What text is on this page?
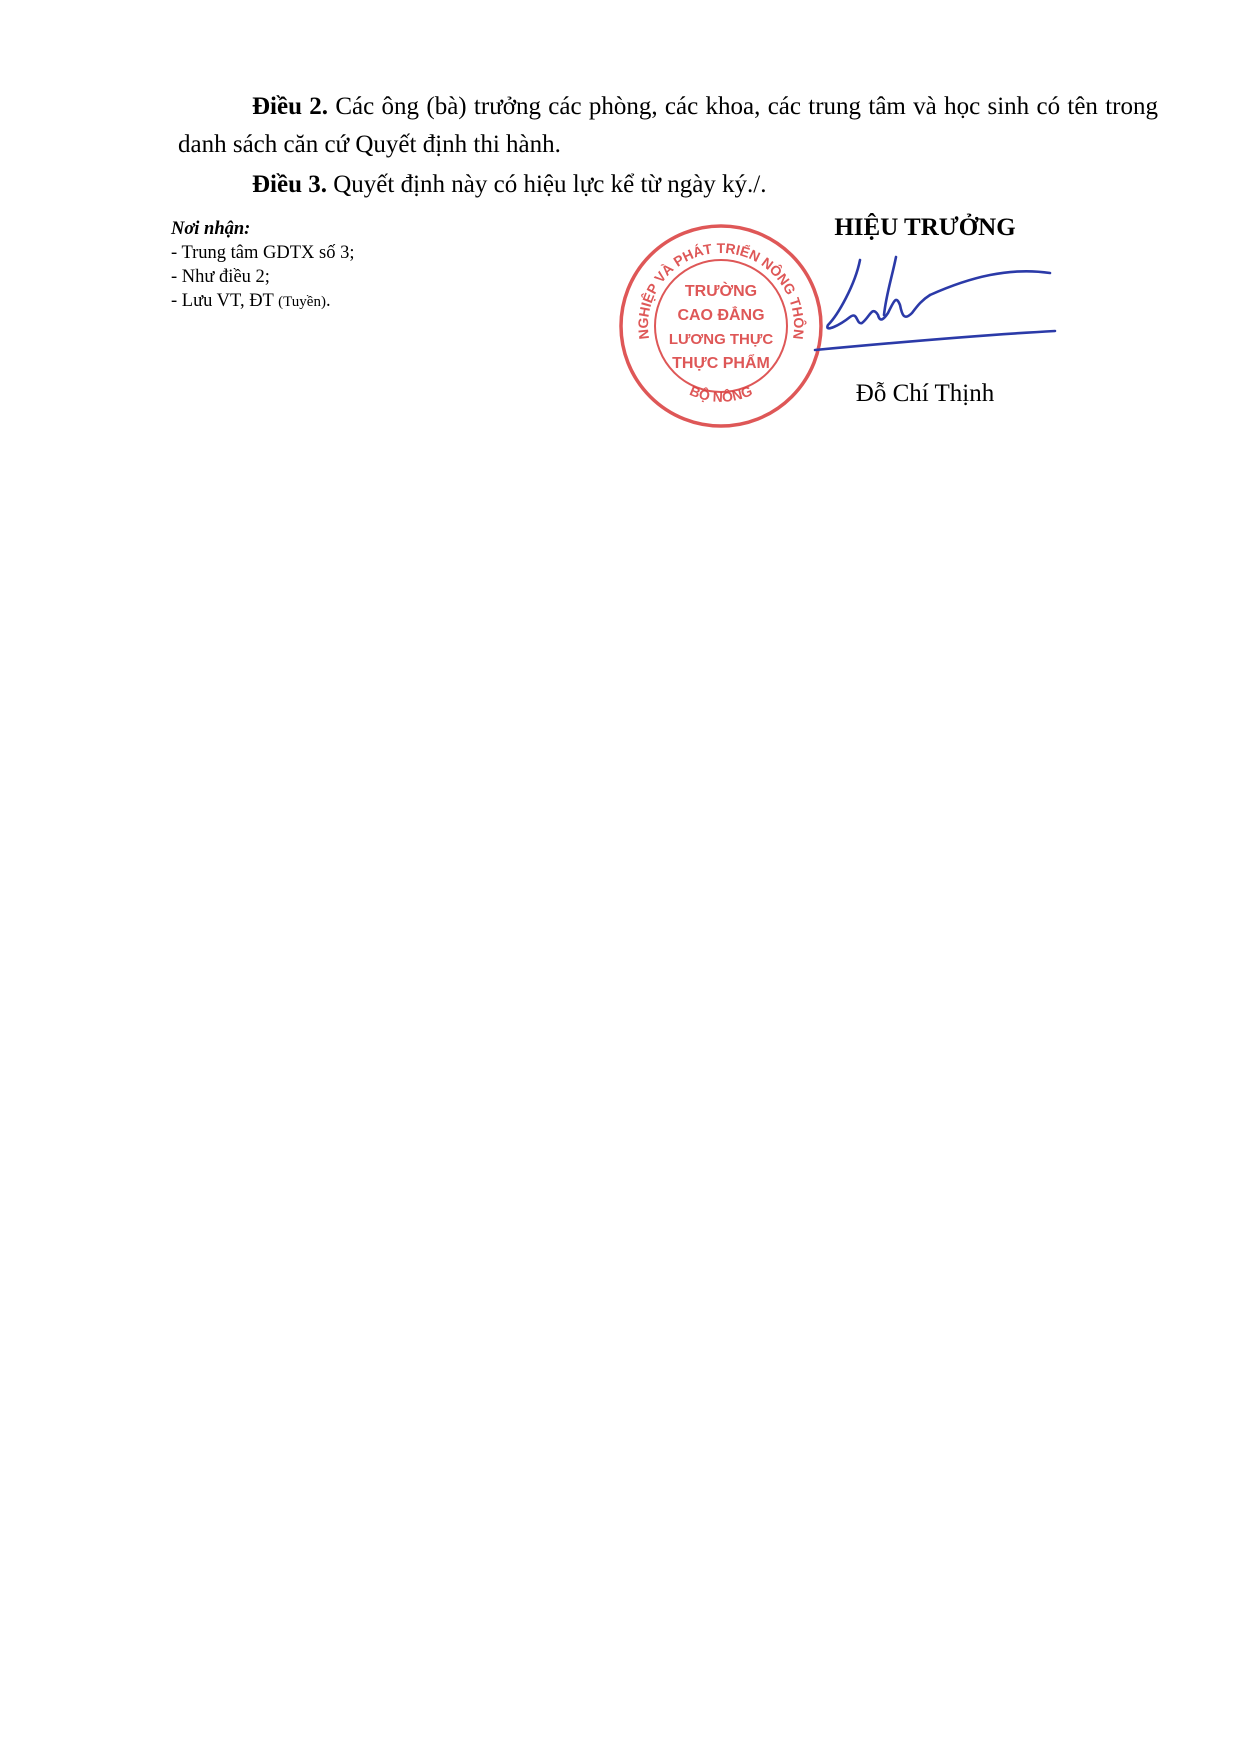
Điều 2. Các ông (bà) trưởng các phòng, các khoa, các trung tâm và học sinh có tên trong danh sách căn cứ Quyết định thi hành.
Điều 3. Quyết định này có hiệu lực kể từ ngày ký./.
Nơi nhận:
- Trung tâm GDTX số 3;
- Như điều 2;
- Lưu VT, ĐT (Tuyền).
HIỆU TRƯỞNG
NGHIỆP VÀ PHÁT TRIỂN NÔNG THÔN
BỘ NÔNG
TRƯỜNG
CAO ĐẲNG
LƯƠNG THỰC
THỰC PHẨM
Đỗ Chí Thịnh
